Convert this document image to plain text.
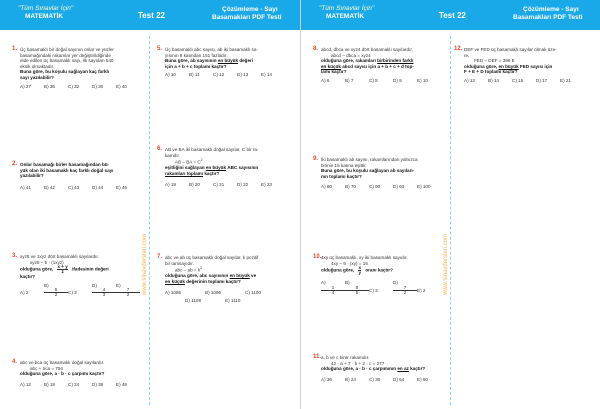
"Tüm Sınavlar İçin"
MATEMATİK	Test 22
Çözümleme - Sayı
Basamakları PDF Testi
www.sinavdersleri.com
1. Üç basamaklı bir doğal sayının onlar ve yüzler

basamağındaki rakamlar yer değiştirildiğinde

elde edilen üç basamaklı sayı, ilk sayıdan 540

eksik olmaktadır.

Buna göre, bu koşulu sağlayan kaç farklı

sayı yazılabilir?

A) 27	B) 36	C) 32	D) 30	E) 40
2. Onlar basamağı birler basamağından bü-

yük olan iki basamaklı kaç farklı doğal sayı

yazılabilir?

A) 41	B) 42	C) 43	D) 44	E) 45
3. xyz5 ve 1xyz dört basamaklı sayılardır.

xyz5 – 5 · (1xyz)

olduğuna göre, $\frac{x + y}{z}$ ifadesinin değeri

kaçtır?

A) 2B)
$\frac{5}{2} C$) 3D)
$\frac{4}{3}$
E)
$\frac{7}{2}$
4. abc ve bca üç basamaklı doğal sayılardır.

abc + bca = 794

olduğuna göre, a · b · c çarpımı kaçtır?

A) 12	B) 18	C) 24	D) 36	E) 48
5. Üç basamaklı abc sayısı, ab iki basamaklı sa-

yısının 8 katından 151 fazladır.

Buna göre, ab sayısının en büyük değeri

için a + b + c toplamı kaçtır?

A) 10	B) 11	C) 12	D) 13	E) 14
6. AB ve BA iki basamaklı doğal sayılar, C bir ra-

kamdır.

AB – BA = $C^2$

eşitliğini sağlayan en büyük ABC sayısının

rakamları toplamı kaçtır?

A) 19	B) 20	C) 21	D) 22	E) 23
7. abc ve ab üç basamaklı doğal sayılar, k pozitif

bir tamsayıdır.

abc – ab = $k^2$

olduğuna göre, abc sayısının en büyük ve

en küçük değerinin toplamı kaçtır?

A) 1086	B) 1096	C) 1100
D) 1108	E) 1110
"Tüm Sınavlar İçin"
MATEMATİK	Test 22
Çözümleme - Sayı
Basamakları PDF Testi
www.sinavdersleri.com
8. abcd, dbca ve xyz4 dört basamaklı sayılardır.

abcd – dbca = xyz4

olduğuna göre, rakamları birbirinden farklı

en küçük abcd sayısı için a + b + c + d top-

lamı kaçtır?

A) 6	B) 7	C) 8	D) 9	E) 10
9. İki basamaklı ab sayısı, rakamlarından yalnızca

birinin 15 katına eşittir.

Buna göre, bu koşulu sağlayan ab sayıları-

nın toplamı kaçtır?

A) 80	B) 70	C) 90	D) 60	E) 100
10. 4xy üç basamaklı, xy iki basamaklı sayıdır.

4xy – 9 · (xy) = 16

olduğuna göre, $\frac{x}{y}$ oranı kaçtır?

A)
$\frac{1}{4}$
B)
$\frac{8}{5} C$) 3D)
$\frac{7}{2} E$) 2
11. a, b ve c birer rakamdır.

42 · a + 7 · b + 2 · c = 277

olduğuna göre, a · b · c çarpımının en az kaçtır?

A) 36	B) 24	C) 30	D) 54	E) 60
12. DEF ve FED üç basamaklı sayılar olmak üze-

re,

FED – DEF = 396 E

olduğuna göre, en büyük FED sayısı için

F + E + D toplamı kaçtır?

A) 13	B) 14	C) 15	D) 17	E) 21
